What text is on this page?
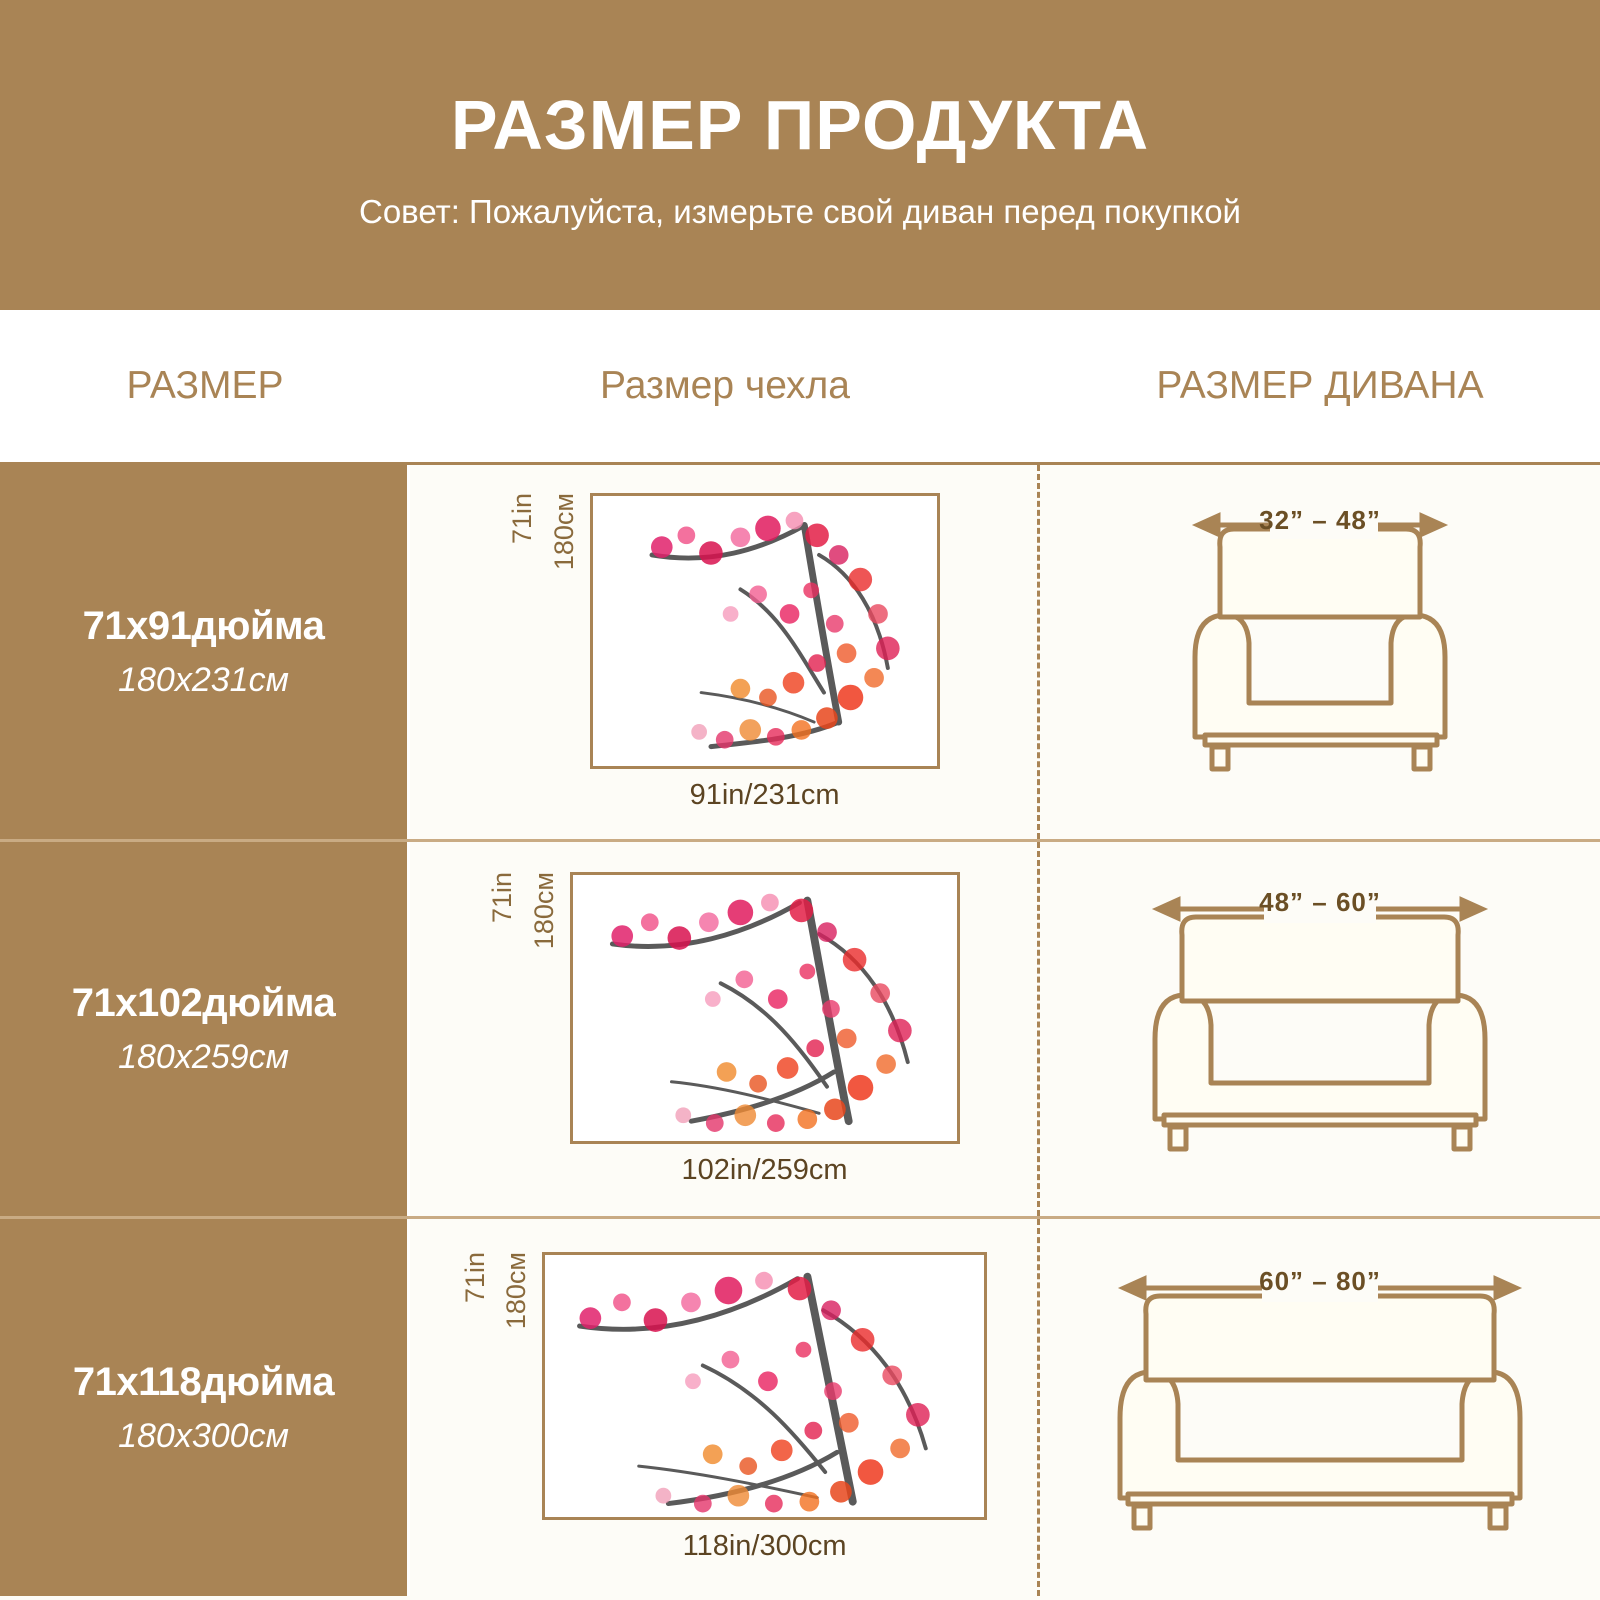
РАЗМЕР ПРОДУКТА
Совет: Пожалуйста, измерьте свой диван перед покупкой
РАЗМЕР	Размер чехла	РАЗМЕР ДИВАНА
71x91дюйма
180x231см
71in 180см
91in/231cm
32” – 48”
71x102дюйма
180x259см
71in 180см
102in/259cm
48” – 60”
71x118дюйма
180x300см
71in 180см
118in/300cm
60” – 80”
